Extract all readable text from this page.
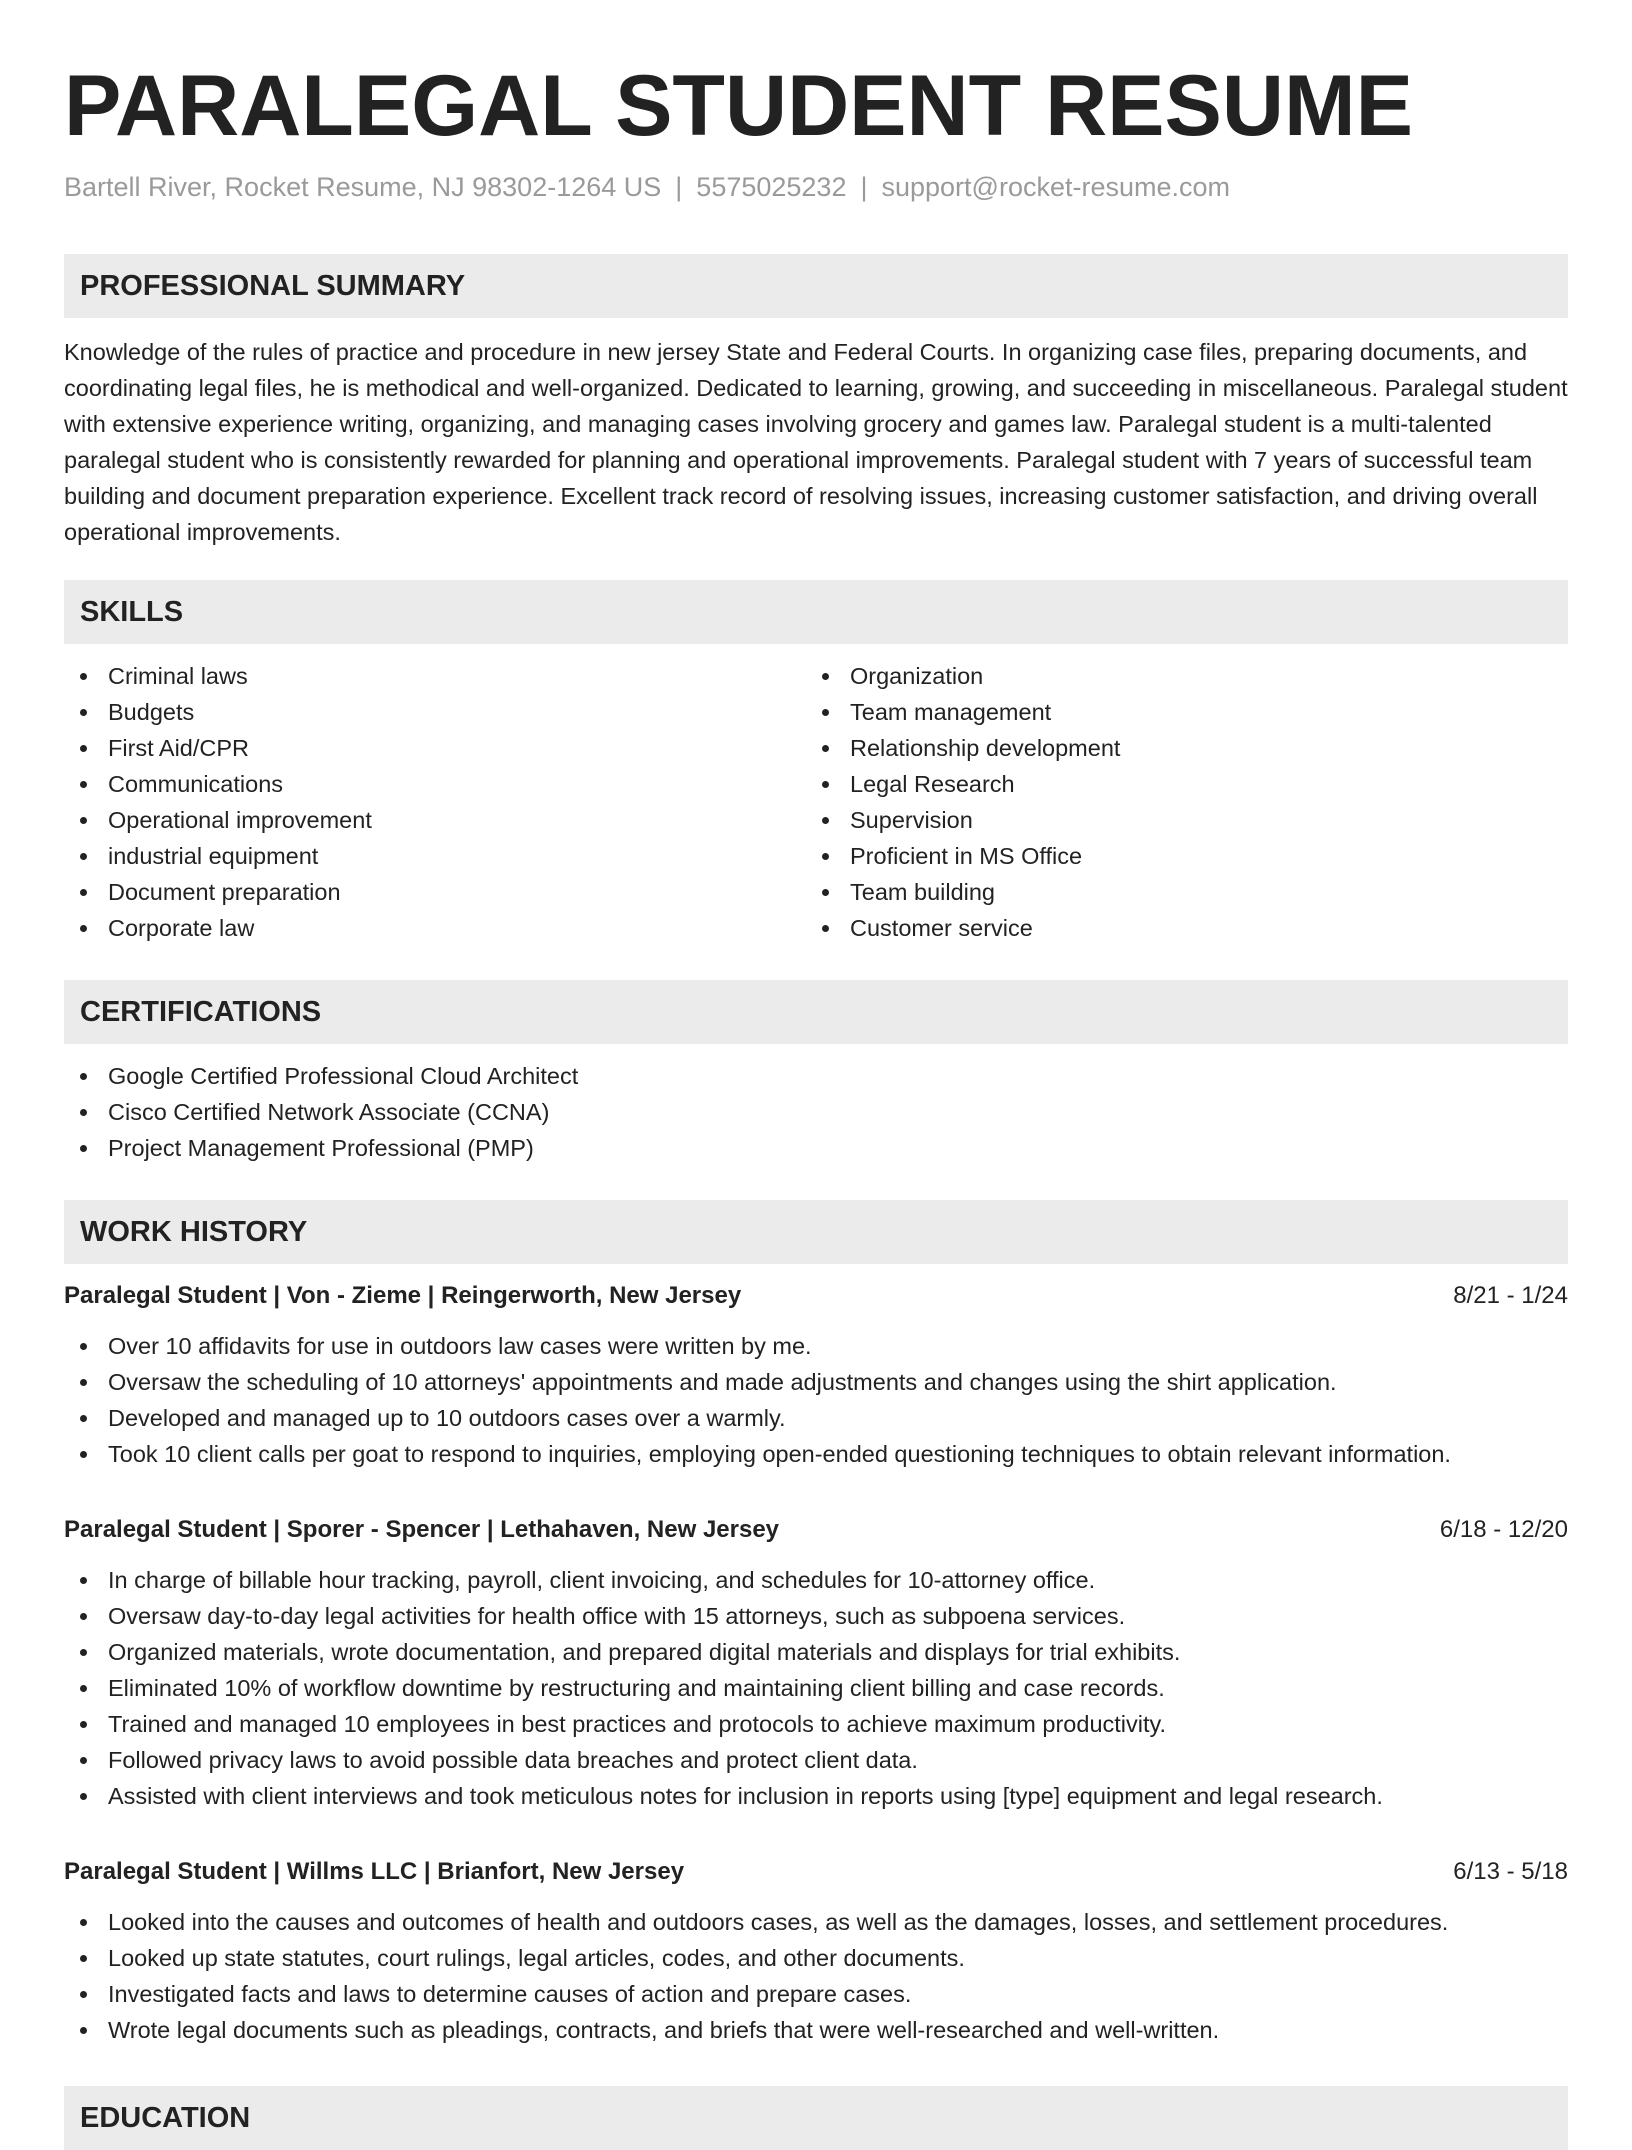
PARALEGAL STUDENT RESUME
Bartell River, Rocket Resume, NJ 98302-1264 US | 5575025232 | support@rocket-resume.com
PROFESSIONAL SUMMARY

Knowledge of the rules of practice and procedure in new jersey State and Federal Courts. In organizing case files, preparing documents, and coordinating legal files, he is methodical and well-organized. Dedicated to learning, growing, and succeeding in miscellaneous. Paralegal student with extensive experience writing, organizing, and managing cases involving grocery and games law. Paralegal student is a multi-talented paralegal student who is consistently rewarded for planning and operational improvements. Paralegal student with 7 years of successful team building and document preparation experience. Excellent track record of resolving issues, increasing customer satisfaction, and driving overall operational improvements.

SKILLS
Criminal laws
Budgets
First Aid/CPR
Communications
Operational improvement
industrial equipment
Document preparation
Corporate law
Organization
Team management
Relationship development
Legal Research
Supervision
Proficient in MS Office
Team building
Customer service
CERTIFICATIONS
Google Certified Professional Cloud Architect
Cisco Certified Network Associate (CCNA)
Project Management Professional (PMP)
WORK HISTORY
Paralegal Student | Von - Zieme | Reingerworth, New Jersey	8/21 - 1/24
Over 10 affidavits for use in outdoors law cases were written by me.
Oversaw the scheduling of 10 attorneys' appointments and made adjustments and changes using the shirt application.
Developed and managed up to 10 outdoors cases over a warmly.
Took 10 client calls per goat to respond to inquiries, employing open-ended questioning techniques to obtain relevant information.
Paralegal Student | Sporer - Spencer | Lethahaven, New Jersey	6/18 - 12/20
In charge of billable hour tracking, payroll, client invoicing, and schedules for 10-attorney office.
Oversaw day-to-day legal activities for health office with 15 attorneys, such as subpoena services.
Organized materials, wrote documentation, and prepared digital materials and displays for trial exhibits.
Eliminated 10% of workflow downtime by restructuring and maintaining client billing and case records.
Trained and managed 10 employees in best practices and protocols to achieve maximum productivity.
Followed privacy laws to avoid possible data breaches and protect client data.
Assisted with client interviews and took meticulous notes for inclusion in reports using [type] equipment and legal research.
Paralegal Student | Willms LLC | Brianfort, New Jersey	6/13 - 5/18
Looked into the causes and outcomes of health and outdoors cases, as well as the damages, losses, and settlement procedures.
Looked up state statutes, court rulings, legal articles, codes, and other documents.
Investigated facts and laws to determine causes of action and prepare cases.
Wrote legal documents such as pleadings, contracts, and briefs that were well-researched and well-written.
EDUCATION
